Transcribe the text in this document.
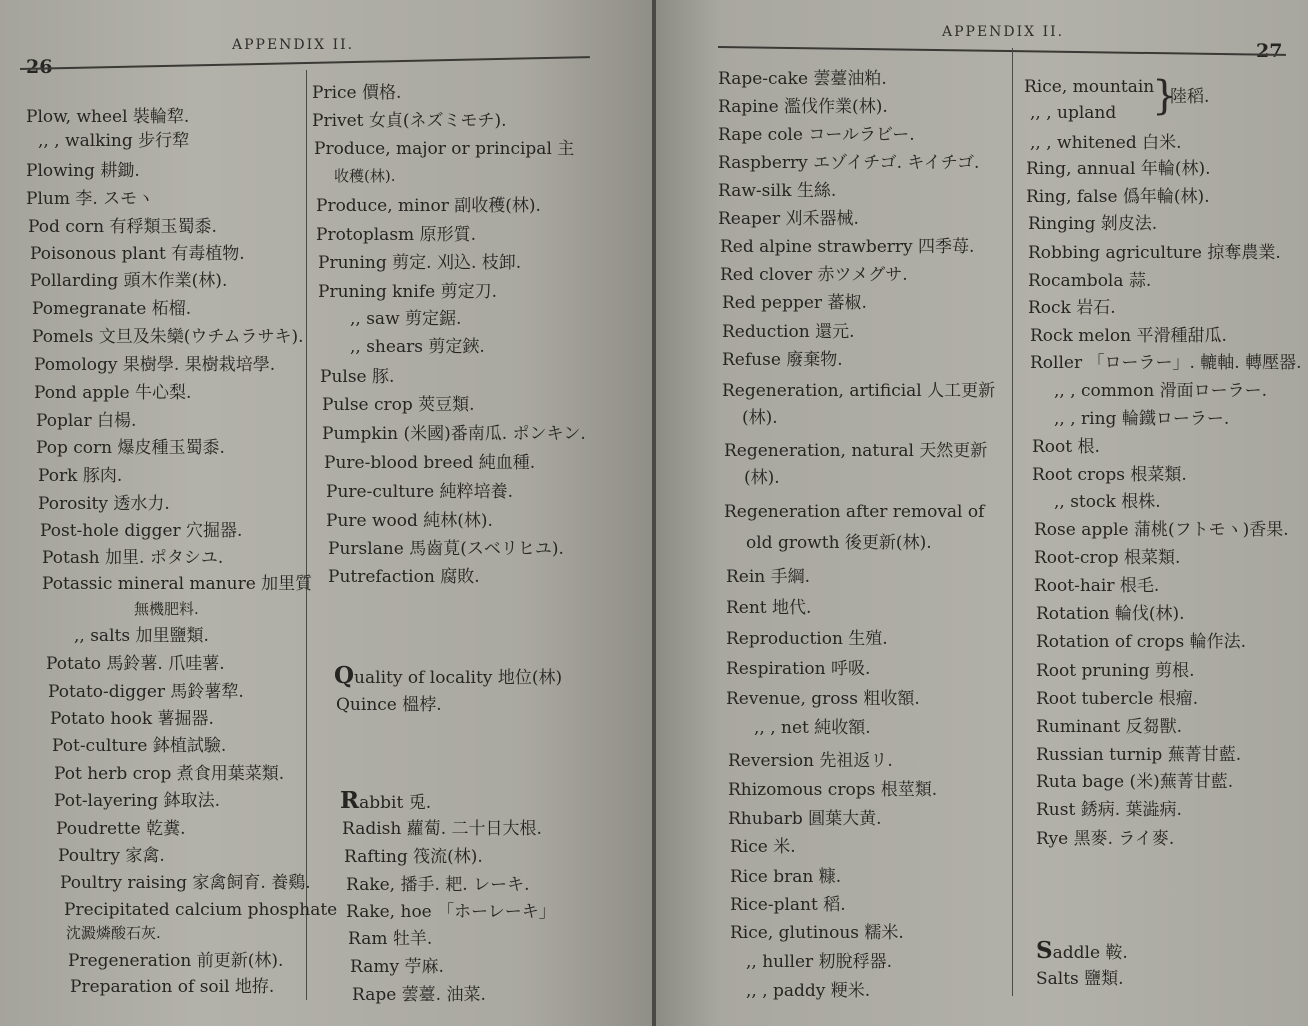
APPENDIX II.
Plow, wheel 裝輪犂.
,, , walking 步行犂
Plowing 耕鋤.
Plum 李. スモヽ
Pod corn 有稃類玉蜀黍.
Poisonous plant 有毒植物.
Pollarding 頭木作業(林).
Pomegranate 柘榴.
Pomels 文旦及朱欒(ウチムラサキ).
Pomology 果樹學. 果樹栽培學.
Pond apple 牛心梨.
Poplar 白楊.
Pop corn 爆皮種玉蜀黍.
Pork 豚肉.
Porosity 透水力.
Post-hole digger 穴掘器.
Potash 加里. ポタシユ.
Potassic mineral manure 加里質
無機肥料.
,, salts 加里鹽類.
Potato 馬鈴薯. 爪哇薯.
Potato-digger 馬鈴薯犂.
Potato hook 薯掘器.
Pot-culture 鉢植試驗.
Pot herb crop 煮食用葉菜類.
Pot-layering 鉢取法.
Poudrette 乾糞.
Poultry 家禽.
Poultry raising 家禽飼育. 養鷄.
Precipitated calcium phosphate
沈澱燐酸石灰.
Pregeneration 前更新(林).
Preparation of soil 地拵.
Price 價格.
Privet 女貞(ネズミモチ).
Produce, major or principal 主
收穫(林).
Produce, minor 副收穫(林).
Protoplasm 原形質.
Pruning 剪定. 刈込. 枝卸.
Pruning knife 剪定刀.
,, saw 剪定鋸.
,, shears 剪定鋏.
Pulse 豚.
Pulse crop 莢豆類.
Pumpkin (米國)番南瓜. ポンキン.
Pure-blood breed 純血種.
Pure-culture 純粹培養.
Pure wood 純林(林).
Purslane 馬齒莧(スベリヒユ).
Putrefaction 腐敗.
Quality of locality 地位(林)
Quince 榲桲.
Rabbit 兎.
Radish 蘿蔔. 二十日大根.
Rafting 筏流(林).
Rake, 播手. 耙. レーキ.
Rake, hoe 「ホーレーキ」
Ram 牡羊.
Ramy 苧麻.
Rape 蕓薹. 油菜.
APPENDIX II.
27
Rape-cake 蕓薹油粕.
Rapine 濫伐作業(林).
Rape cole コールラビー.
Raspberry エゾイチゴ. キイチゴ.
Raw-silk 生絲.
Reaper 刈禾器械.
Red alpine strawberry 四季苺.
Red clover 赤ツメグサ.
Red pepper 蕃椒.
Reduction 還元.
Refuse 廢棄物.
Regeneration, artificial 人工更新
(林).
Regeneration, natural 天然更新
(林).
Regeneration after removal of
old growth 後更新(林).
Rein 手綱.
Rent 地代.
Reproduction 生殖.
Respiration 呼吸.
Revenue, gross 粗收額.
,, , net 純收額.
Reversion 先祖返リ.
Rhizomous crops 根莖類.
Rhubarb 圓葉大黄.
Rice 米.
Rice bran 糠.
Rice-plant 稻.
Rice, glutinous 糯米.
,, huller 籾脫稃器.
,, , paddy 粳米.
Rice, mountain
,, , upland
陸稻.
,, , whitened 白米.
Ring, annual 年輪(林).
Ring, false 僞年輪(林).
Ringing 剝皮法.
Robbing agriculture 掠奪農業.
Rocambola 蒜.
Rock 岩石.
Rock melon 平滑種甜瓜.
Roller 「ローラー」. 轆軸. 轉壓器.
,, , common 滑面ローラー.
,, , ring 輪鐵ローラー.
Root 根.
Root crops 根菜類.
,, stock 根株.
Rose apple 蒲桃(フトモヽ)香果.
Root-crop 根菜類.
Root-hair 根毛.
Rotation 輪伐(林).
Rotation of crops 輪作法.
Root pruning 剪根.
Root tubercle 根瘤.
Ruminant 反芻獸.
Russian turnip 蕪菁甘藍.
Ruta bage (米)蕪菁甘藍.
Rust 銹病. 葉澁病.
Rye 黑麥. ライ麥.
Saddle 鞍.
Salts 鹽類.
}
